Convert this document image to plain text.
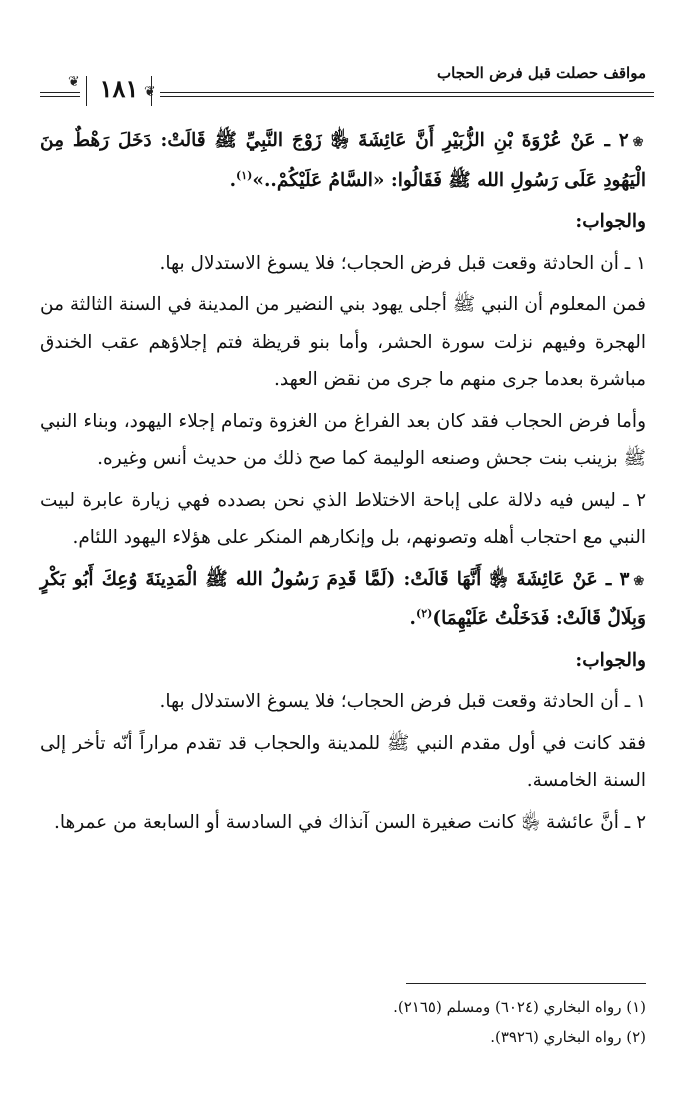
مواقف حصلت قبل فرض الحجاب
١٨١
❦
❦

❀٢ ـ عَنْ عُرْوَةَ بْنِ الزُّبَيْرِ أَنَّ عَائِشَةَ ﵂ زَوْجَ النَّبِيِّ ﷺ قَالَتْ: دَخَلَ رَهْطٌ مِنَ الْيَهُودِ عَلَى رَسُولِ الله ﷺ فَقَالُوا: «السَّامُ عَلَيْكُمْ..»$^{(١)}$.

والجواب:

١ ـ أن الحادثة وقعت قبل فرض الحجاب؛ فلا يسوغ الاستدلال بها.

فمن المعلوم أن النبي ﷺ أجلى يهود بني النضير من المدينة في السنة الثالثة من الهجرة وفيهم نزلت سورة الحشر، وأما بنو قريظة فتم إجلاؤهم عقب الخندق مباشرة بعدما جرى منهم ما جرى من نقض العهد.

وأما فرض الحجاب فقد كان بعد الفراغ من الغزوة وتمام إجلاء اليهود، وبناء النبي ﷺ بزينب بنت جحش وصنعه الوليمة كما صح ذلك من حديث أنس وغيره.

٢ ـ ليس فيه دلالة على إباحة الاختلاط الذي نحن بصدده فهي زيارة عابرة لبيت النبي مع احتجاب أهله وتصونهم، بل وإنكارهم المنكر على هؤلاء اليهود اللئام.

❀٣ ـ عَنْ عَائِشَةَ ﵂ أَنَّهَا قَالَتْ: (لَمَّا قَدِمَ رَسُولُ الله ﷺ الْمَدِينَةَ وُعِكَ أَبُو بَكْرٍ وَبِلَالٌ قَالَتْ: فَدَخَلْتُ عَلَيْهِمَا)$^{(٢)}$.

والجواب:

١ ـ أن الحادثة وقعت قبل فرض الحجاب؛ فلا يسوغ الاستدلال بها.

فقد كانت في أول مقدم النبي ﷺ للمدينة والحجاب قد تقدم مراراً أنّه تأخر إلى السنة الخامسة.

٢ ـ أنَّ عائشة ﵂ كانت صغيرة السن آنذاك في السادسة أو السابعة من عمرها.

(١) رواه البخاري (٦٠٢٤) ومسلم (٢١٦٥).

(٢) رواه البخاري (٣٩٢٦).
